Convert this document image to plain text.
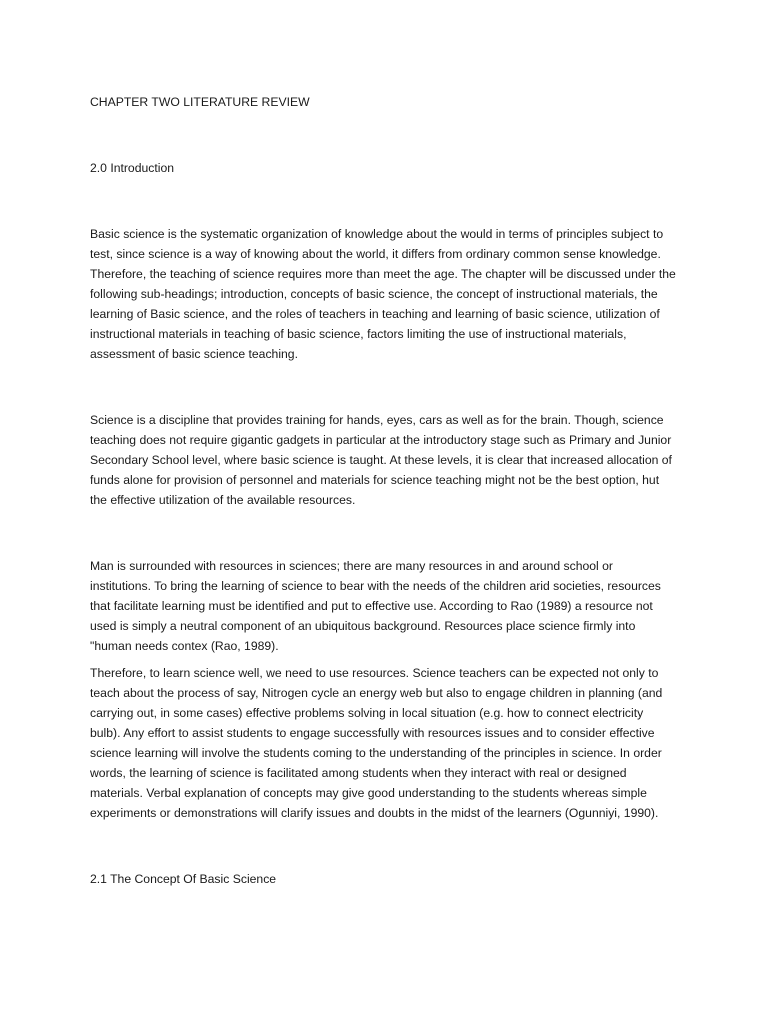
CHAPTER TWO LITERATURE REVIEW

2.0 Introduction

Basic science is the systematic organization of knowledge about the would in terms of principles subject to test, since science is a way of knowing about the world, it differs from ordinary common sense knowledge. Therefore, the teaching of science requires more than meet the age. The chapter will be discussed under the following sub-headings; introduction, concepts of basic science, the concept of instructional materials, the learning of Basic science, and the roles of teachers in teaching and learning of basic science, utilization of instructional materials in teaching of basic science, factors limiting the use of instructional materials, assessment of basic science teaching.

Science is a discipline that provides training for hands, eyes, cars as well as for the brain. Though, science teaching does not require gigantic gadgets in particular at the introductory stage such as Primary and Junior Secondary School level, where basic science is taught. At these levels, it is clear that increased allocation of funds alone for provision of personnel and materials for science teaching might not be the best option, hut the effective utilization of the available resources.

Man is surrounded with resources in sciences; there are many resources in and around school or institutions. To bring the learning of science to bear with the needs of the children arid societies, resources that facilitate learning must be identified and put to effective use. According to Rao (1989) a resource not used is simply a neutral component of an ubiquitous background. Resources place science firmly into "human needs contex (Rao, 1989).

Therefore, to learn science well, we need to use resources. Science teachers can be expected not only to teach about the process of say, Nitrogen cycle an energy web but also to engage children in planning (and carrying out, in some cases) effective problems solving in local situation (e.g. how to connect electricity bulb). Any effort to assist students to engage successfully with resources issues and to consider effective science learning will involve the students coming to the understanding of the principles in science. In order words, the learning of science is facilitated among students when they interact with real or designed materials. Verbal explanation of concepts may give good understanding to the students whereas simple experiments or demonstrations will clarify issues and doubts in the midst of the learners (Ogunniyi, 1990).

2.1 The Concept Of Basic Science
